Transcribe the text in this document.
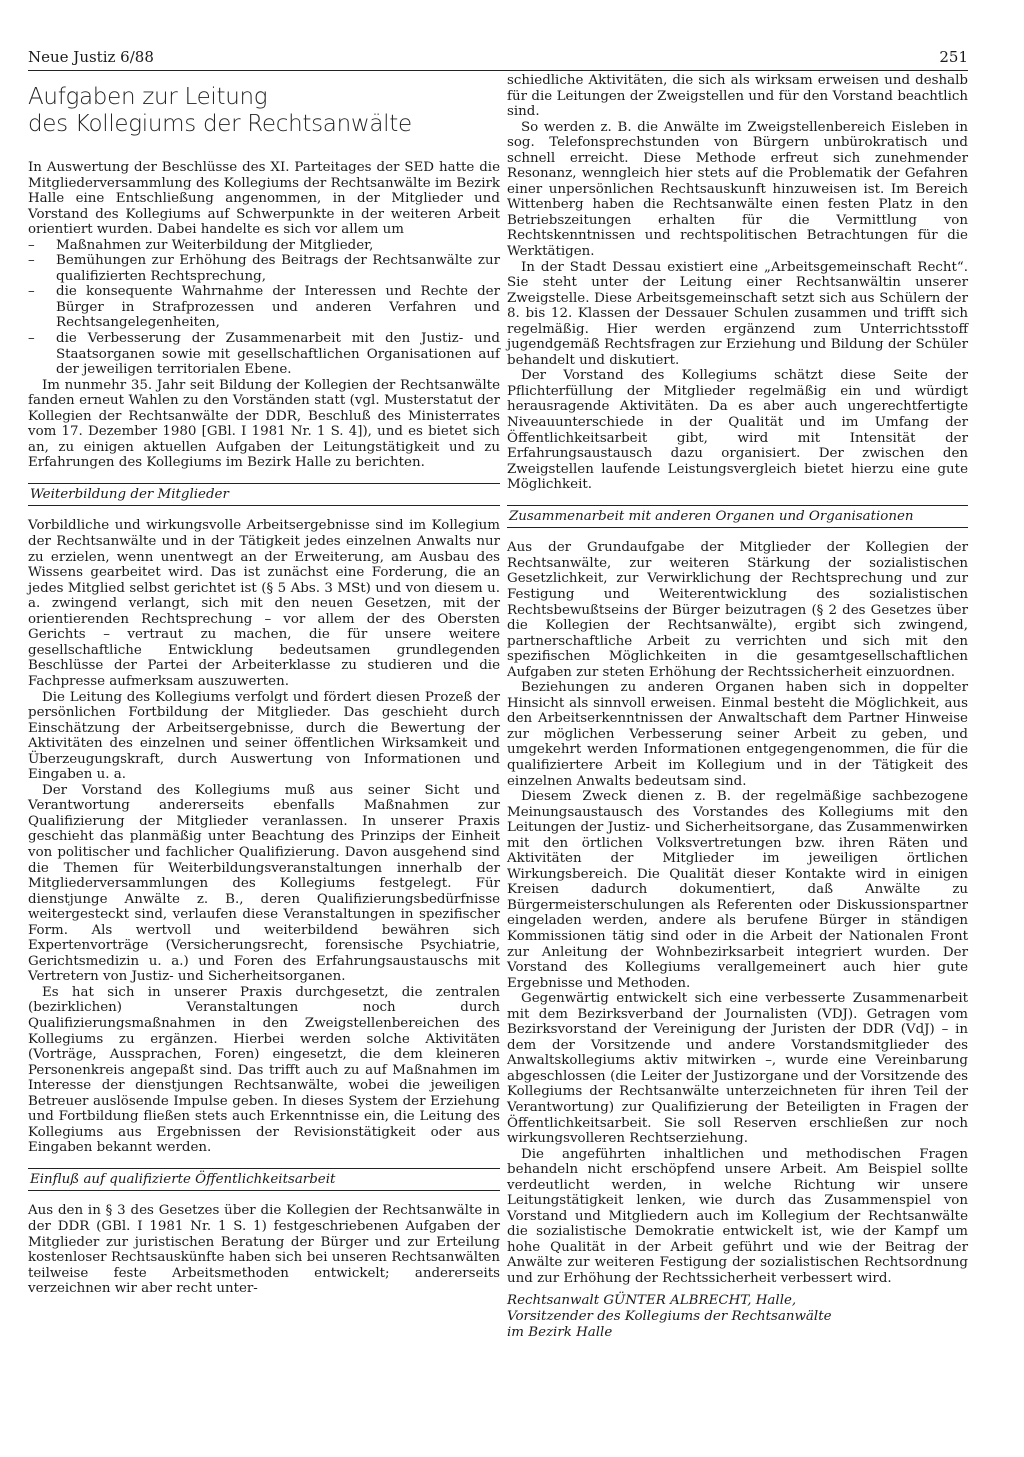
Neue Justiz 6/88	251
Aufgaben zur Leitung
des Kollegiums der Rechtsanwälte

In Auswertung der Beschlüsse des XI. Parteitages der SED hatte die Mitgliederversammlung des Kollegiums der Rechtsanwälte im Bezirk Halle eine Entschließung angenommen, in der Mitglieder und Vorstand des Kollegiums auf Schwerpunkte in der weiteren Arbeit orientiert wurden. Dabei handelte es sich vor allem um

– Maßnahmen zur Weiterbildung der Mitglieder,
– Bemühungen zur Erhöhung des Beitrags der Rechtsanwälte zur qualifizierten Rechtsprechung,
– die konsequente Wahrnahme der Interessen und Rechte der Bürger in Strafprozessen und anderen Verfahren und Rechtsangelegenheiten,
– die Verbesserung der Zusammenarbeit mit den Justiz- und Staatsorganen sowie mit gesellschaftlichen Organisationen auf der jeweiligen territorialen Ebene.

Im nunmehr 35. Jahr seit Bildung der Kollegien der Rechtsanwälte fanden erneut Wahlen zu den Vorständen statt (vgl. Musterstatut der Kollegien der Rechtsanwälte der DDR, Beschluß des Ministerrates vom 17. Dezember 1980 [GBl. I 1981 Nr. 1 S. 4]), und es bietet sich an, zu einigen aktuellen Aufgaben der Leitungstätigkeit und zu Erfahrungen des Kollegiums im Bezirk Halle zu berichten.

Weiterbildung der Mitglieder

Vorbildliche und wirkungsvolle Arbeitsergebnisse sind im Kollegium der Rechtsanwälte und in der Tätigkeit jedes einzelnen Anwalts nur zu erzielen, wenn unentwegt an der Erweiterung, am Ausbau des Wissens gearbeitet wird. Das ist zunächst eine Forderung, die an jedes Mitglied selbst gerichtet ist (§ 5 Abs. 3 MSt) und von diesem u. a. zwingend verlangt, sich mit den neuen Gesetzen, mit der orientierenden Rechtsprechung – vor allem der des Obersten Gerichts – vertraut zu machen, die für unsere weitere gesellschaftliche Entwicklung bedeutsamen grundlegenden Beschlüsse der Partei der Arbeiterklasse zu studieren und die Fachpresse aufmerksam auszuwerten.

Die Leitung des Kollegiums verfolgt und fördert diesen Prozeß der persönlichen Fortbildung der Mitglieder. Das geschieht durch Einschätzung der Arbeitsergebnisse, durch die Bewertung der Aktivitäten des einzelnen und seiner öffentlichen Wirksamkeit und Überzeugungskraft, durch Auswertung von Informationen und Eingaben u. a.

Der Vorstand des Kollegiums muß aus seiner Sicht und Verantwortung andererseits ebenfalls Maßnahmen zur Qualifizierung der Mitglieder veranlassen. In unserer Praxis geschieht das planmäßig unter Beachtung des Prinzips der Einheit von politischer und fachlicher Qualifizierung. Davon ausgehend sind die Themen für Weiterbildungsveranstaltungen innerhalb der Mitgliederversammlungen des Kollegiums festgelegt. Für dienstjunge Anwälte z. B., deren Qualifizierungsbedürfnisse weitergesteckt sind, verlaufen diese Veranstaltungen in spezifischer Form. Als wertvoll und weiterbildend bewähren sich Expertenvorträge (Versicherungsrecht, forensische Psychiatrie, Gerichtsmedizin u. a.) und Foren des Erfahrungsaustauschs mit Vertretern von Justiz- und Sicherheitsorganen.

Es hat sich in unserer Praxis durchgesetzt, die zentralen (bezirklichen) Veranstaltungen noch durch Qualifizierungsmaßnahmen in den Zweigstellenbereichen des Kollegiums zu ergänzen. Hierbei werden solche Aktivitäten (Vorträge, Aussprachen, Foren) eingesetzt, die dem kleineren Personenkreis angepaßt sind. Das trifft auch zu auf Maßnahmen im Interesse der dienstjungen Rechtsanwälte, wobei die jeweiligen Betreuer auslösende Impulse geben. In dieses System der Erziehung und Fortbildung fließen stets auch Erkenntnisse ein, die Leitung des Kollegiums aus Ergebnissen der Revisionstätigkeit oder aus Eingaben bekannt werden.

Einfluß auf qualifizierte Öffentlichkeitsarbeit

Aus den in § 3 des Gesetzes über die Kollegien der Rechtsanwälte in der DDR (GBl. I 1981 Nr. 1 S. 1) festgeschriebenen Aufgaben der Mitglieder zur juristischen Beratung der Bürger und zur Erteilung kostenloser Rechtsauskünfte haben sich bei unseren Rechtsanwälten teilweise feste Arbeitsmethoden entwickelt; andererseits verzeichnen wir aber recht unter-

schiedliche Aktivitäten, die sich als wirksam erweisen und deshalb für die Leitungen der Zweigstellen und für den Vorstand beachtlich sind.

So werden z. B. die Anwälte im Zweigstellenbereich Eisleben in sog. Telefonsprechstunden von Bürgern unbürokratisch und schnell erreicht. Diese Methode erfreut sich zunehmender Resonanz, wenngleich hier stets auf die Problematik der Gefahren einer unpersönlichen Rechtsauskunft hinzuweisen ist. Im Bereich Wittenberg haben die Rechtsanwälte einen festen Platz in den Betriebszeitungen erhalten für die Vermittlung von Rechtskenntnissen und rechtspolitischen Betrachtungen für die Werktätigen.

In der Stadt Dessau existiert eine „Arbeitsgemeinschaft Recht“. Sie steht unter der Leitung einer Rechtsanwältin unserer Zweigstelle. Diese Arbeitsgemeinschaft setzt sich aus Schülern der 8. bis 12. Klassen der Dessauer Schulen zusammen und trifft sich regelmäßig. Hier werden ergänzend zum Unterrichtsstoff jugendgemäß Rechtsfragen zur Erziehung und Bildung der Schüler behandelt und diskutiert.

Der Vorstand des Kollegiums schätzt diese Seite der Pflichterfüllung der Mitglieder regelmäßig ein und würdigt herausragende Aktivitäten. Da es aber auch ungerechtfertigte Niveauunterschiede in der Qualität und im Umfang der Öffentlichkeitsarbeit gibt, wird mit Intensität der Erfahrungsaustausch dazu organisiert. Der zwischen den Zweigstellen laufende Leistungsvergleich bietet hierzu eine gute Möglichkeit.

Zusammenarbeit mit anderen Organen und Organisationen

Aus der Grundaufgabe der Mitglieder der Kollegien der Rechtsanwälte, zur weiteren Stärkung der sozialistischen Gesetzlichkeit, zur Verwirklichung der Rechtsprechung und zur Festigung und Weiterentwicklung des sozialistischen Rechtsbewußtseins der Bürger beizutragen (§ 2 des Gesetzes über die Kollegien der Rechtsanwälte), ergibt sich zwingend, partnerschaftliche Arbeit zu verrichten und sich mit den spezifischen Möglichkeiten in die gesamtgesellschaftlichen Aufgaben zur steten Erhöhung der Rechtssicherheit einzuordnen.

Beziehungen zu anderen Organen haben sich in doppelter Hinsicht als sinnvoll erweisen. Einmal besteht die Möglichkeit, aus den Arbeitserkenntnissen der Anwaltschaft dem Partner Hinweise zur möglichen Verbesserung seiner Arbeit zu geben, und umgekehrt werden Informationen entgegengenommen, die für die qualifiziertere Arbeit im Kollegium und in der Tätigkeit des einzelnen Anwalts bedeutsam sind.

Diesem Zweck dienen z. B. der regelmäßige sachbezogene Meinungsaustausch des Vorstandes des Kollegiums mit den Leitungen der Justiz- und Sicherheitsorgane, das Zusammenwirken mit den örtlichen Volksvertretungen bzw. ihren Räten und Aktivitäten der Mitglieder im jeweiligen örtlichen Wirkungsbereich. Die Qualität dieser Kontakte wird in einigen Kreisen dadurch dokumentiert, daß Anwälte zu Bürgermeisterschulungen als Referenten oder Diskussionspartner eingeladen werden, andere als berufene Bürger in ständigen Kommissionen tätig sind oder in die Arbeit der Nationalen Front zur Anleitung der Wohnbezirksarbeit integriert wurden. Der Vorstand des Kollegiums verallgemeinert auch hier gute Ergebnisse und Methoden.

Gegenwärtig entwickelt sich eine verbesserte Zusammenarbeit mit dem Bezirksverband der Journalisten (VDJ). Getragen vom Bezirksvorstand der Vereinigung der Juristen der DDR (VdJ) – in dem der Vorsitzende und andere Vorstandsmitglieder des Anwaltskollegiums aktiv mitwirken –, wurde eine Vereinbarung abgeschlossen (die Leiter der Justizorgane und der Vorsitzende des Kollegiums der Rechtsanwälte unterzeichneten für ihren Teil der Verantwortung) zur Qualifizierung der Beteiligten in Fragen der Öffentlichkeitsarbeit. Sie soll Reserven erschließen zur noch wirkungsvolleren Rechtserziehung.

Die angeführten inhaltlichen und methodischen Fragen behandeln nicht erschöpfend unsere Arbeit. Am Beispiel sollte verdeutlicht werden, in welche Richtung wir unsere Leitungstätigkeit lenken, wie durch das Zusammenspiel von Vorstand und Mitgliedern auch im Kollegium der Rechtsanwälte die sozialistische Demokratie entwickelt ist, wie der Kampf um hohe Qualität in der Arbeit geführt und wie der Beitrag der Anwälte zur weiteren Festigung der sozialistischen Rechtsordnung und zur Erhöhung der Rechtssicherheit verbessert wird.

Rechtsanwalt GÜNTER ALBRECHT, Halle,
Vorsitzender des Kollegiums der Rechtsanwälte
im Bezirk Halle
